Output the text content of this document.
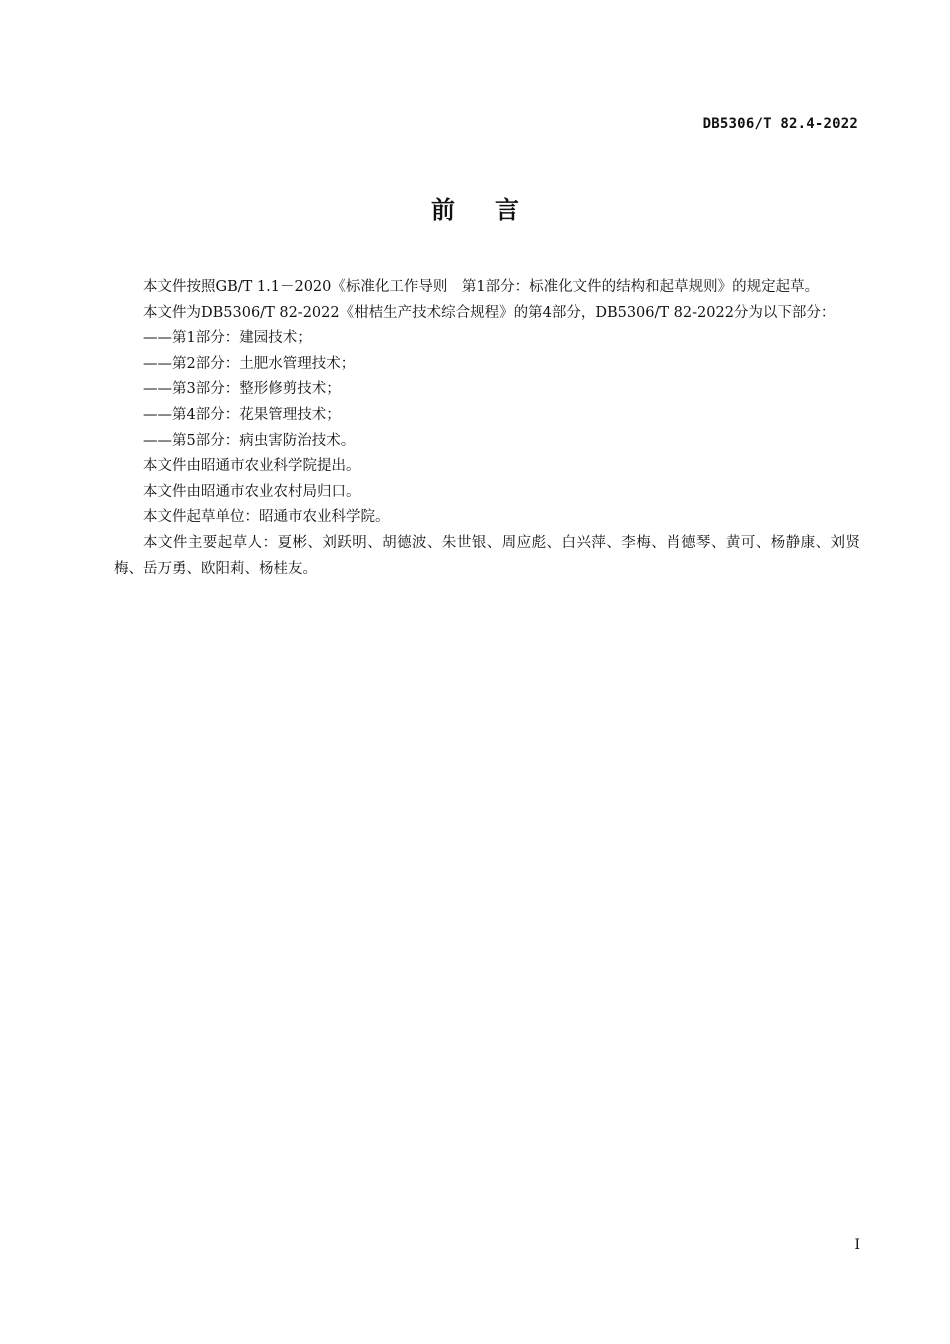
DB5306/T 82.4-2022
前言

本文件按照GB/T 1.1－2020《标准化工作导则　第1部分：标准化文件的结构和起草规则》的规定起草。

本文件为DB5306/T 82-2022《柑桔生产技术综合规程》的第4部分，DB5306/T 82-2022分为以下部分：

——第1部分：建园技术；
——第2部分：土肥水管理技术；
——第3部分：整形修剪技术；
——第4部分：花果管理技术；
——第5部分：病虫害防治技术。

本文件由昭通市农业科学院提出。

本文件由昭通市农业农村局归口。

本文件起草单位：昭通市农业科学院。

本文件主要起草人：夏彬、刘跃明、胡德波、朱世银、周应彪、白兴萍、李梅、肖德琴、黄可、杨静康、刘贤梅、岳万勇、欧阳莉、杨桂友。

I
